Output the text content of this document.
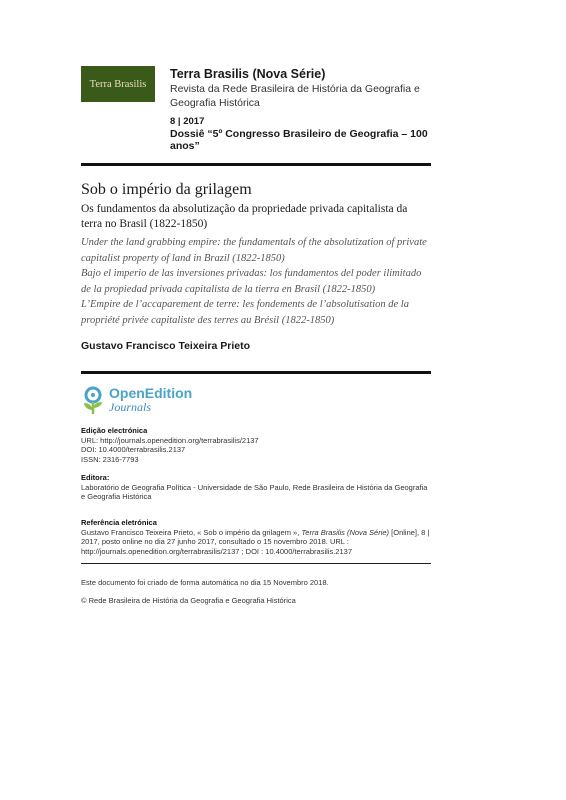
Terra Brasilis
Terra Brasilis (Nova Série)
Revista da Rede Brasileira de História da Geografia e Geografia Histórica
8 | 2017
Dossiê “5º Congresso Brasileiro de Geografia – 100 anos”
Sob o império da grilagem
Os fundamentos da absolutização da propriedade privada capitalista da terra no Brasil (1822-1850)
Under the land grabbing empire: the fundamentals of the absolutization of private capitalist property of land in Brazil (1822-1850)
Bajo el imperio de las inversiones privadas: los fundamentos del poder ilimitado de la propiedad privada capitalista de la tierra en Brasil (1822-1850)
L’Empire de l’accaparement de terre: les fondements de l’absolutisation de la propriété privée capitaliste des terres au Brésil (1822-1850)
Gustavo Francisco Teixeira Prieto
OpenEdition
Journals
Edição electrónica
URL: http://journals.openedition.org/terrabrasilis/2137
DOI: 10.4000/terrabrasilis.2137
ISSN: 2316-7793
Editora:
Laboratório de Geografia Política - Universidade de São Paulo, Rede Brasileira de História da Geografia e Geografia Histórica
Referência eletrónica
Gustavo Francisco Teixeira Prieto, « Sob o império da grilagem », Terra Brasilis (Nova Série) [Online], 8 | 2017, posto online no dia 27 junho 2017, consultado o 15 novembro 2018. URL : http://journals.openedition.org/terrabrasilis/2137 ; DOI : 10.4000/terrabrasilis.2137
Este documento foi criado de forma automática no dia 15 Novembro 2018.
© Rede Brasileira de História da Geografia e Geografia Histórica
